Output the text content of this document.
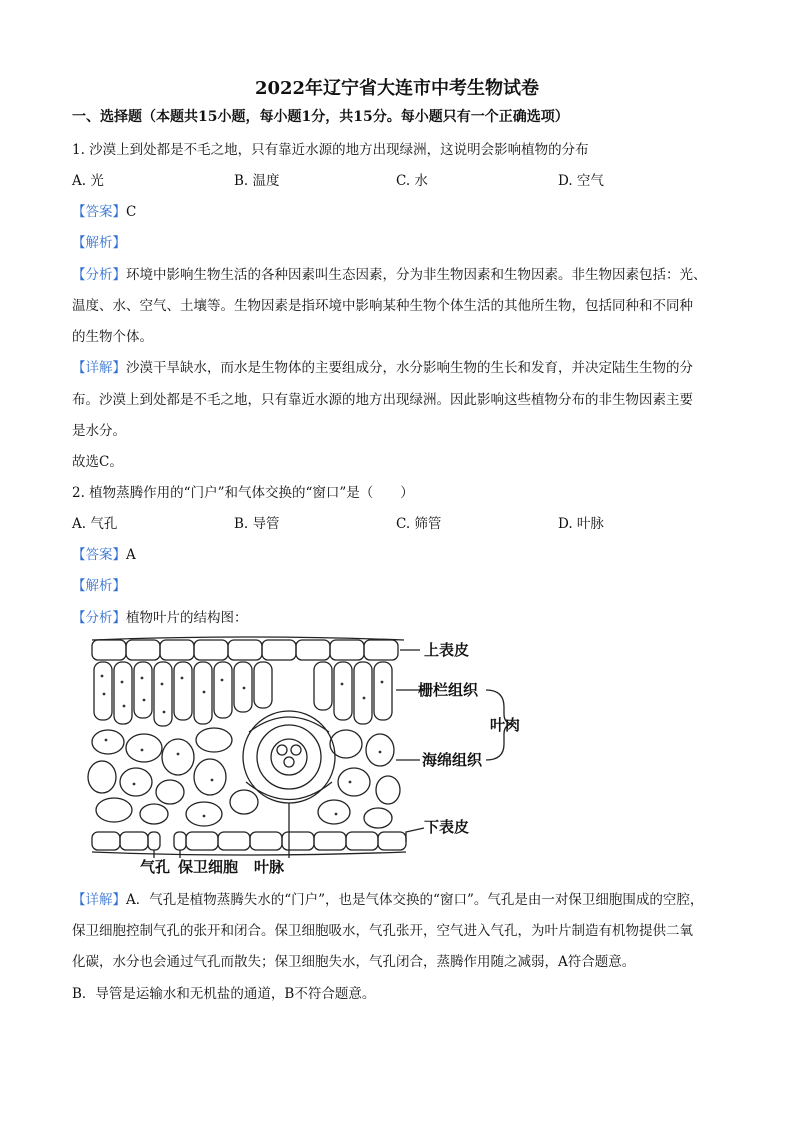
2022年辽宁省大连市中考生物试卷
一、选择题（本题共15小题，每小题1分，共15分。每小题只有一个正确选项）
1. 沙漠上到处都是不毛之地，只有靠近水源的地方出现绿洲，这说明会影响植物的分布
A. 光	B. 温度	C. 水	D. 空气
【答案】C
【解析】
【分析】环境中影响生物生活的各种因素叫生态因素，分为非生物因素和生物因素。非生物因素包括：光、
温度、水、空气、土壤等。生物因素是指环境中影响某种生物个体生活的其他所生物，包括同种和不同种
的生物个体。
【详解】沙漠干旱缺水，而水是生物体的主要组成分，水分影响生物的生长和发育，并决定陆生生物的分
布。沙漠上到处都是不毛之地，只有靠近水源的地方出现绿洲。因此影响这些植物分布的非生物因素主要
是水分。
故选C。
2. 植物蒸腾作用的“门户”和气体交换的“窗口”是（　　）
A. 气孔	B. 导管	C. 筛管	D. 叶脉
【答案】A
【解析】
【分析】植物叶片的结构图：
上表皮
栅栏组织
海绵组织
下表皮
气孔 保卫细胞 叶脉
叶肉
【详解】A．气孔是植物蒸腾失水的“门户”，也是气体交换的“窗口”。气孔是由一对保卫细胞围成的空腔，
保卫细胞控制气孔的张开和闭合。保卫细胞吸水，气孔张开，空气进入气孔，为叶片制造有机物提供二氧
化碳，水分也会通过气孔而散失；保卫细胞失水，气孔闭合，蒸腾作用随之减弱，A符合题意。
B．导管是运输水和无机盐的通道，B不符合题意。
